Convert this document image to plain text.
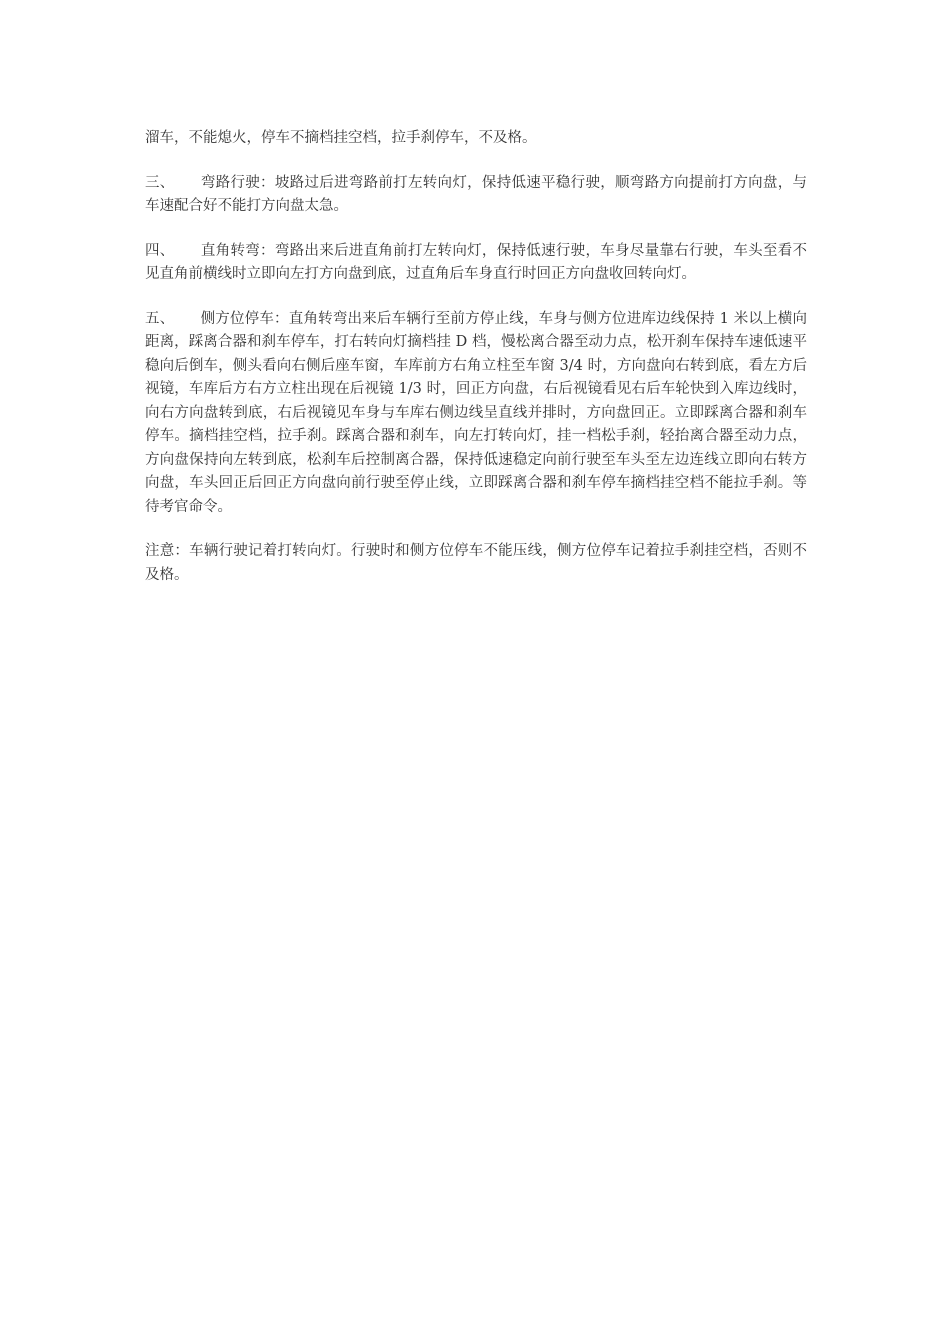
溜车，不能熄火，停车不摘档挂空档，拉手刹停车，不及格。

三、 弯路行驶：坡路过后进弯路前打左转向灯，保持低速平稳行驶，顺弯路方向提前打方向盘，与车速配合好不能打方向盘太急。

四、 直角转弯：弯路出来后进直角前打左转向灯，保持低速行驶，车身尽量靠右行驶，车头至看不见直角前横线时立即向左打方向盘到底，过直角后车身直行时回正方向盘收回转向灯。

五、 侧方位停车：直角转弯出来后车辆行至前方停止线，车身与侧方位进库边线保持 1 米以上横向距离，踩离合器和刹车停车，打右转向灯摘档挂 D 档，慢松离合器至动力点，松开刹车保持车速低速平稳向后倒车，侧头看向右侧后座车窗，车库前方右角立柱至车窗 3/4 时，方向盘向右转到底，看左方后视镜，车库后方右方立柱出现在后视镜 1/3 时，回正方向盘，右后视镜看见右后车轮快到入库边线时，向右方向盘转到底，右后视镜见车身与车库右侧边线呈直线并排时，方向盘回正。立即踩离合器和刹车停车。摘档挂空档，拉手刹。踩离合器和刹车，向左打转向灯，挂一档松手刹，轻抬离合器至动力点，方向盘保持向左转到底，松刹车后控制离合器，保持低速稳定向前行驶至车头至左边连线立即向右转方向盘，车头回正后回正方向盘向前行驶至停止线，立即踩离合器和刹车停车摘档挂空档不能拉手刹。等待考官命令。

注意：车辆行驶记着打转向灯。行驶时和侧方位停车不能压线，侧方位停车记着拉手刹挂空档，否则不及格。
